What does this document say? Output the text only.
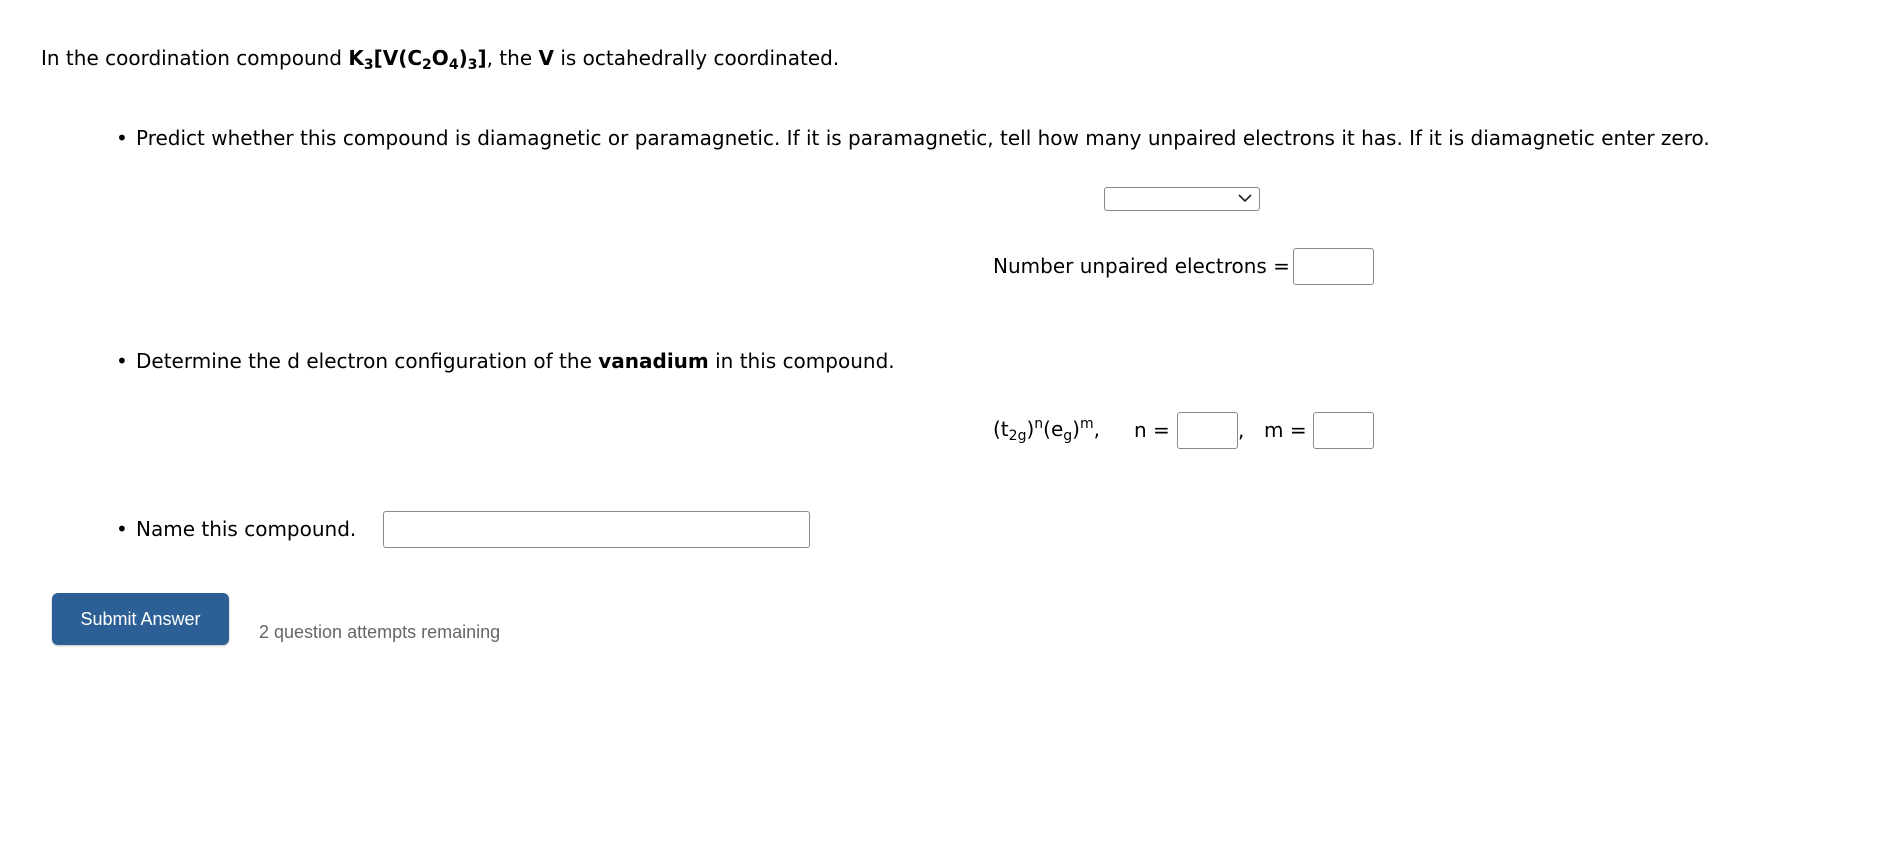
In the coordination compound $K_3[V(C_2O_4)_3]$, the V is octahedrally coordinated.
• Predict whether this compound is diamagnetic or paramagnetic. If it is paramagnetic, tell how many unpaired electrons it has. If it is diamagnetic enter zero.
Number unpaired electrons =
• Determine the d electron configuration of the vanadium in this compound.
$(t_{2g})^n(e_g)^m$, n =	, m =
• Name this compound.
Submit Answer
2 question attempts remaining
